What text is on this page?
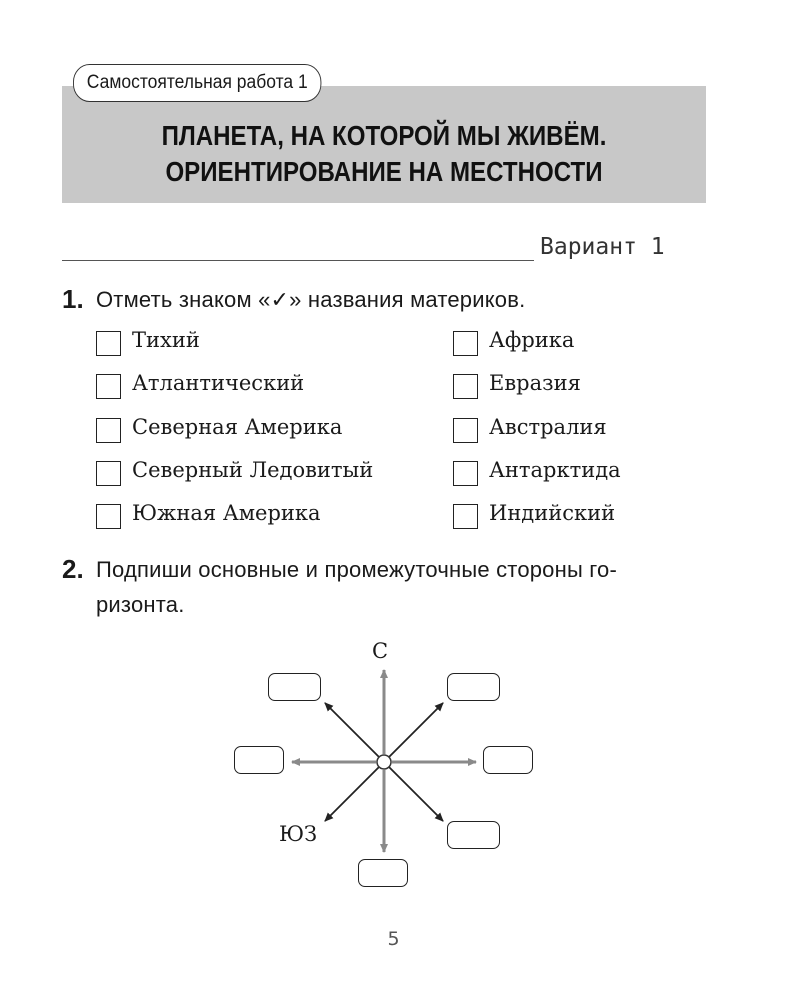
Самостоятельная работа 1
ПЛАНЕТА, НА КОТОРОЙ МЫ ЖИВЁМ.
ОРИЕНТИРОВАНИЕ НА МЕСТНОСТИ
Вариант 1
1. Отметь знаком «✓» названия материков.
Тихий
Атлантический
Северная Америка
Северный Ледовитый
Южная Америка
Африка
Евразия
Австралия
Антарктида
Индийский
2. Подпиши основные и промежуточные стороны го-
ризонта.
С
ЮЗ
5
